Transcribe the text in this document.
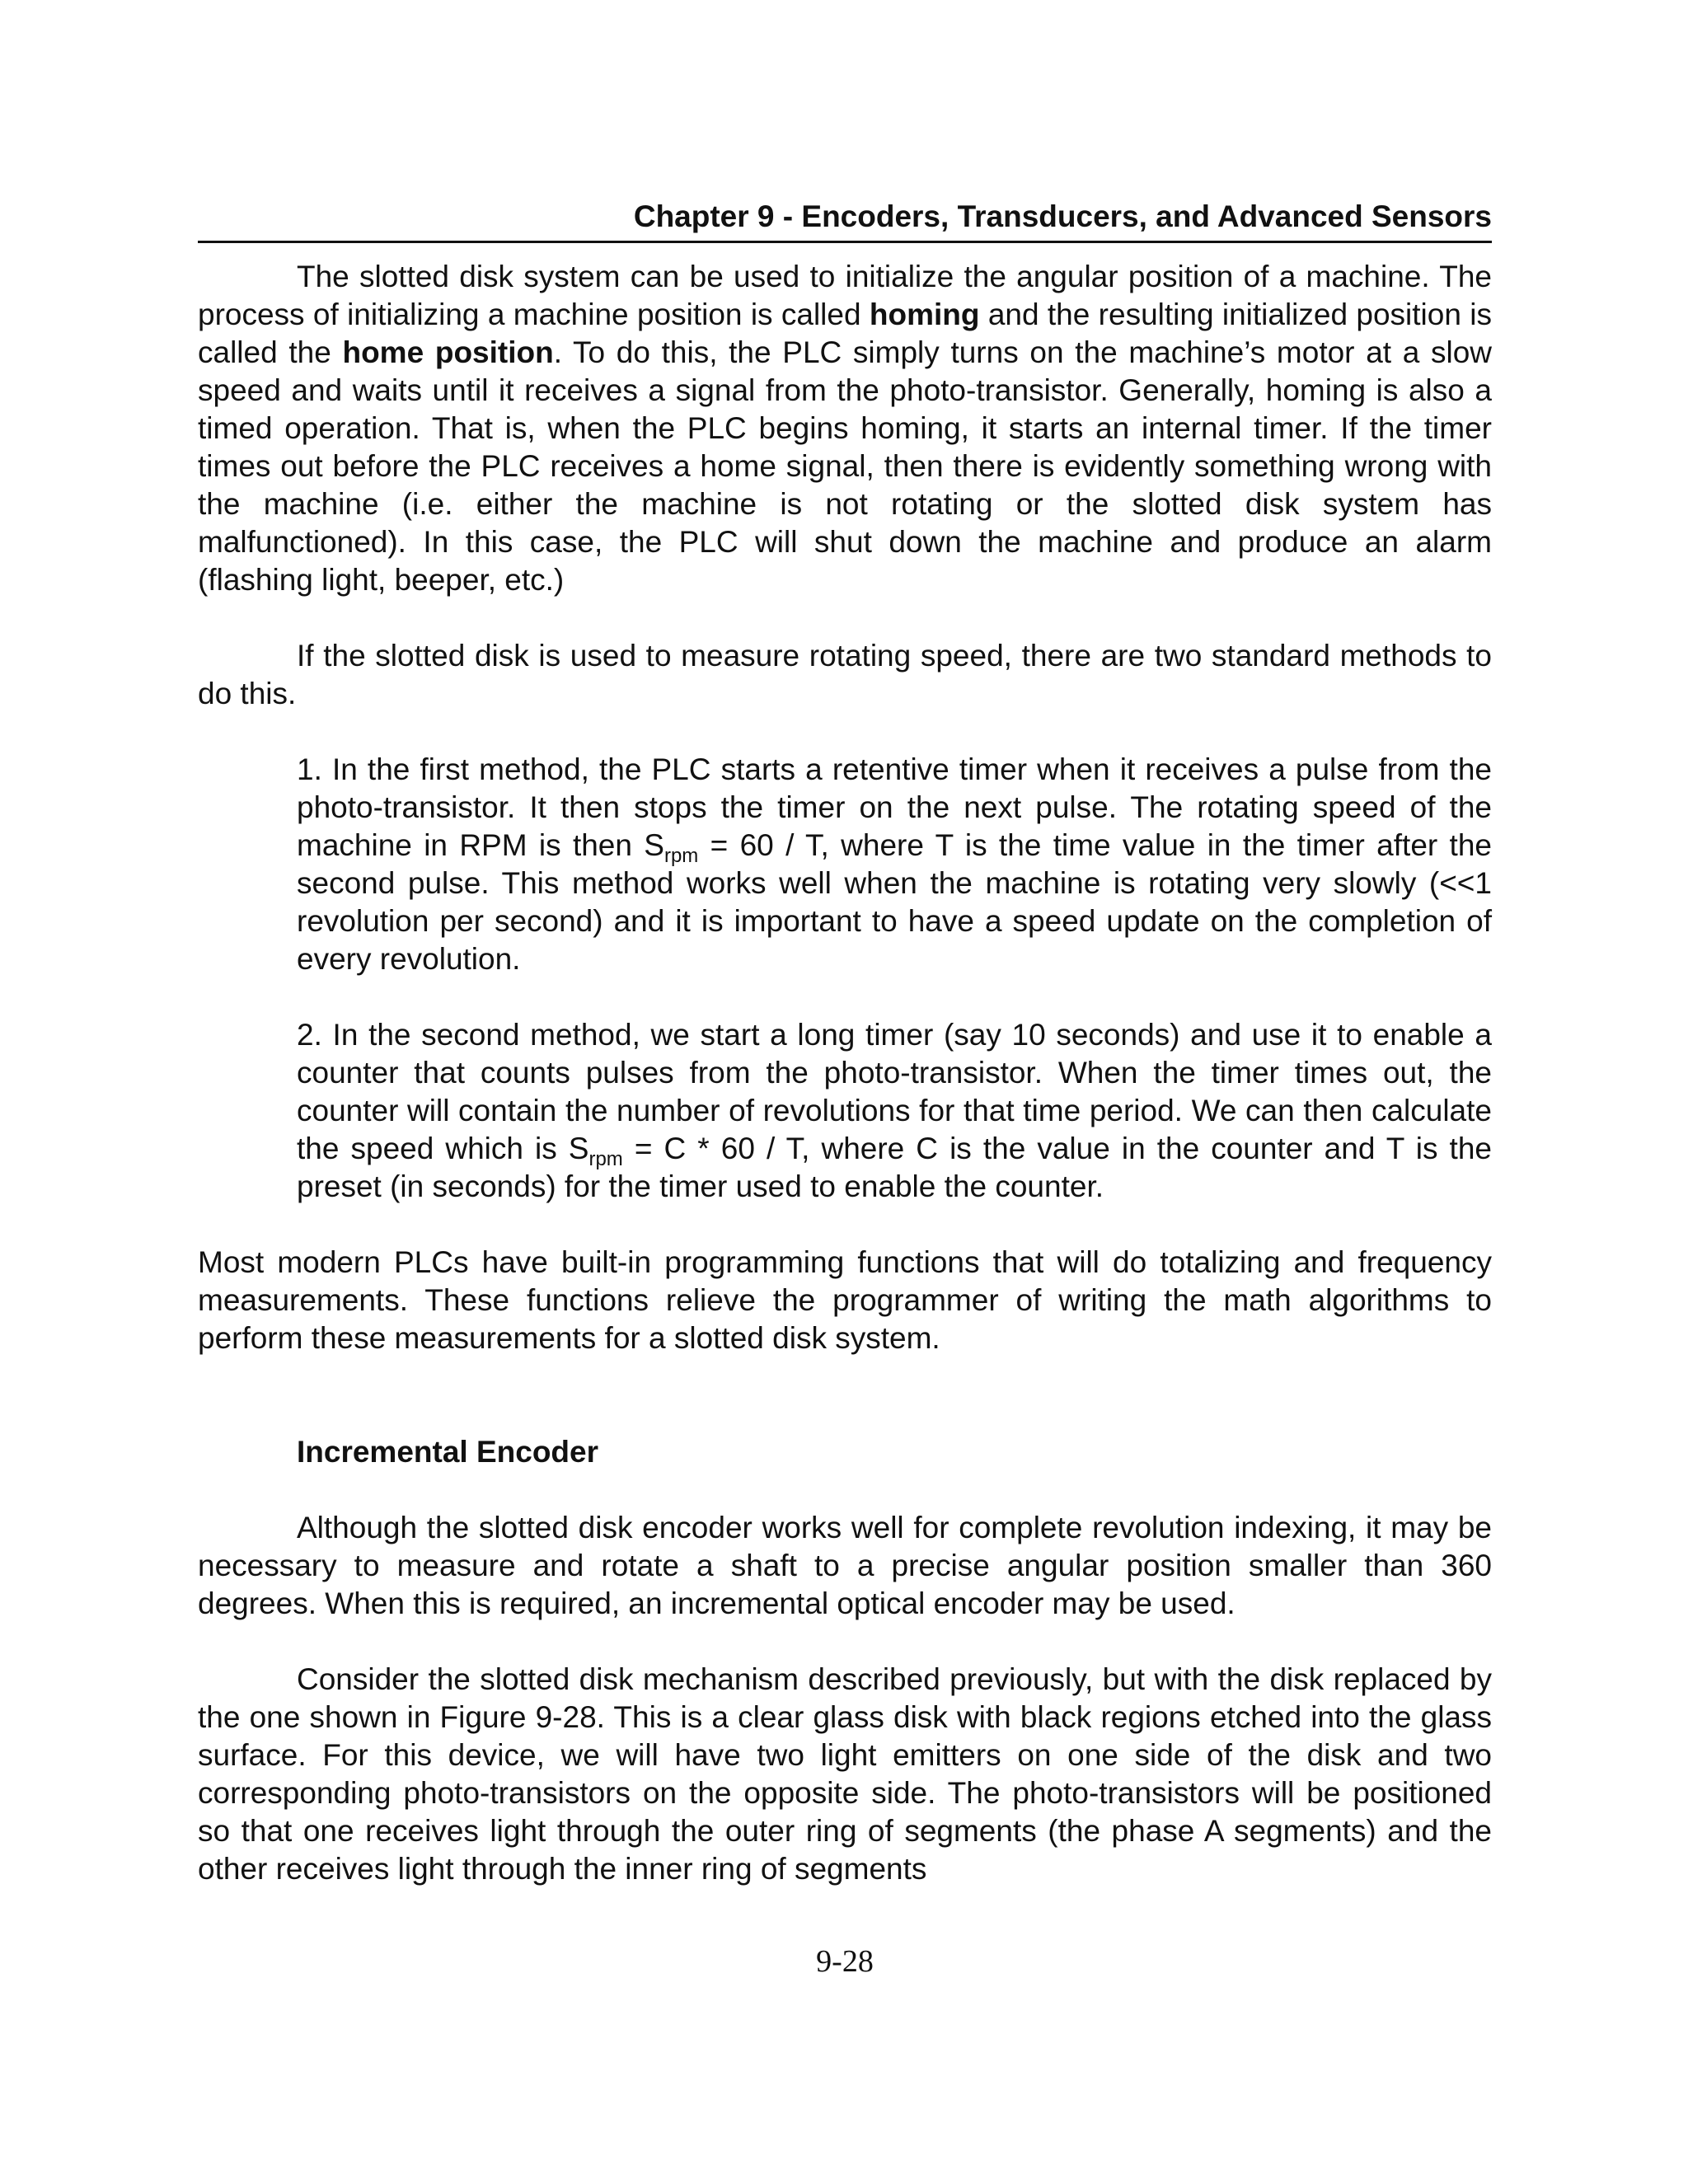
Chapter 9 - Encoders, Transducers, and Advanced Sensors

The slotted disk system can be used to initialize the angular position of a machine. The process of initializing a machine position is called homing and the resulting initialized position is called the home position. To do this, the PLC simply turns on the machine’s motor at a slow speed and waits until it receives a signal from the photo-transistor. Generally, homing is also a timed operation. That is, when the PLC begins homing, it starts an internal timer. If the timer times out before the PLC receives a home signal, then there is evidently something wrong with the machine (i.e. either the machine is not rotating or the slotted disk system has malfunctioned). In this case, the PLC will shut down the machine and produce an alarm (flashing light, beeper, etc.)

If the slotted disk is used to measure rotating speed, there are two standard methods to do this.

1. In the first method, the PLC starts a retentive timer when it receives a pulse from the photo-transistor. It then stops the timer on the next pulse. The rotating speed of the machine in RPM is then $S_{rpm} = 60 / T$, where T is the time value in the timer after the second pulse. This method works well when the machine is rotating very slowly (<<1 revolution per second) and it is important to have a speed update on the completion of every revolution.

2. In the second method, we start a long timer (say 10 seconds) and use it to enable a counter that counts pulses from the photo-transistor. When the timer times out, the counter will contain the number of revolutions for that time period. We can then calculate the speed which is $S_{rpm} = C * 60 / T$, where C is the value in the counter and T is the preset (in seconds) for the timer used to enable the counter.

Most modern PLCs have built-in programming functions that will do totalizing and frequency measurements. These functions relieve the programmer of writing the math algorithms to perform these measurements for a slotted disk system.

Incremental Encoder

Although the slotted disk encoder works well for complete revolution indexing, it may be necessary to measure and rotate a shaft to a precise angular position smaller than 360 degrees. When this is required, an incremental optical encoder may be used.

Consider the slotted disk mechanism described previously, but with the disk replaced by the one shown in Figure 9-28. This is a clear glass disk with black regions etched into the glass surface. For this device, we will have two light emitters on one side of the disk and two corresponding photo-transistors on the opposite side. The photo-transistors will be positioned so that one receives light through the outer ring of segments (the phase A segments) and the other receives light through the inner ring of segments

9-28
